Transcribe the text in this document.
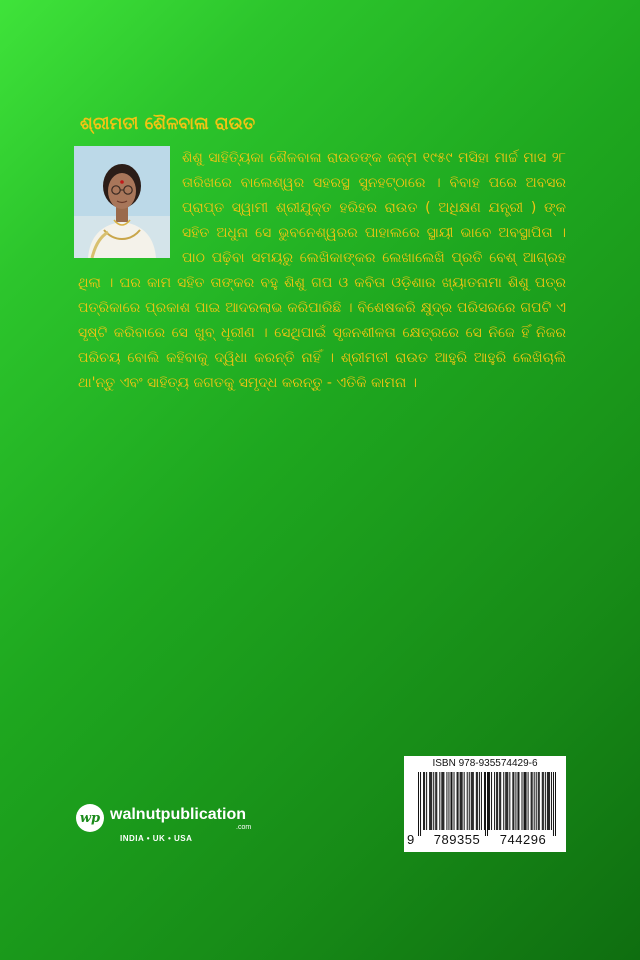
ଶ୍ରୀମତୀ ଶୈଳବାଳା ରାଉତ
ଶିଶୁ ସାହିତ୍ୟିକା ଶୈଳବାଳା ରାଉତଙ୍କ ଜନ୍ମ ୧୯୫୯ ମସିହା ମାର୍ଚ୍ଚ ମାସ ୨୮ ତାରିଖରେ ବାଲେଶ୍ୱର ସହରସ୍ଥ ସୁନହଟ୍ଠାରେ । ବିବାହ ପରେ ଅବସର ପ୍ରାପ୍ତ ସ୍ୱାମୀ ଶ୍ରୀଯୁକ୍ତ ହରିହର ରାଉତ ( ଅଧିକ୍ଷଣ ଯନ୍ତ୍ରୀ ) ଙ୍କ ସହିତ ଅଧୁନା ସେ ଭୁବନେଶ୍ୱରର ପାହାଲରେ ସ୍ଥାୟୀ ଭାବେ ଅବସ୍ଥାପିତା । ପାଠ ପଢ଼ିବା ସମୟରୁ ଲେଖିକାଙ୍କର ଲେଖାଲେଖି ପ୍ରତି ବେଶ୍ ଆଗ୍ରହ ଥିଲା । ଘର କାମ ସହିତ ତାଙ୍କର ବହୁ ଶିଶୁ ଗପ ଓ କବିତା ଓଡ଼ିଶାର ଖ୍ୟାତନାମା ଶିଶୁ ପତ୍ର ପତ୍ରିକାରେ ପ୍ରକାଶ ପାଇ ଆଦରଲାଭ କରିପାରିଛି । ବିଶେଷକରି କ୍ଷୁଦ୍ର ପରିସରରେ ଗପଟି ଏ ସୃଷ୍ଟି କରିବାରେ ସେ ଖୁବ୍ ଧୂରୀଣ । ସେଥିପାଇଁ ସୃଜନଶୀଳତା କ୍ଷେତ୍ରରେ ସେ ନିଜେ ହିଁ ନିଜର ପରିଚୟ ବୋଲି କହିବାକୁ ଦ୍ୱିଧା କରନ୍ତି ନାହିଁ । ଶ୍ରୀମତୀ ରାଉତ ଆହୁରି ଆହୁରି ଲେଖିଚାଲି ଥା'ନ୍ତୁ ଏବଂ ସାହିତ୍ୟ ଜଗତକୁ ସମୃଦ୍ଧ କରନ୍ତୁ - ଏତିକି କାମନା ।
wp walnutpublication
.com
INDIA • UK • USA
ISBN 978-935574429-6
9	789355	744296
